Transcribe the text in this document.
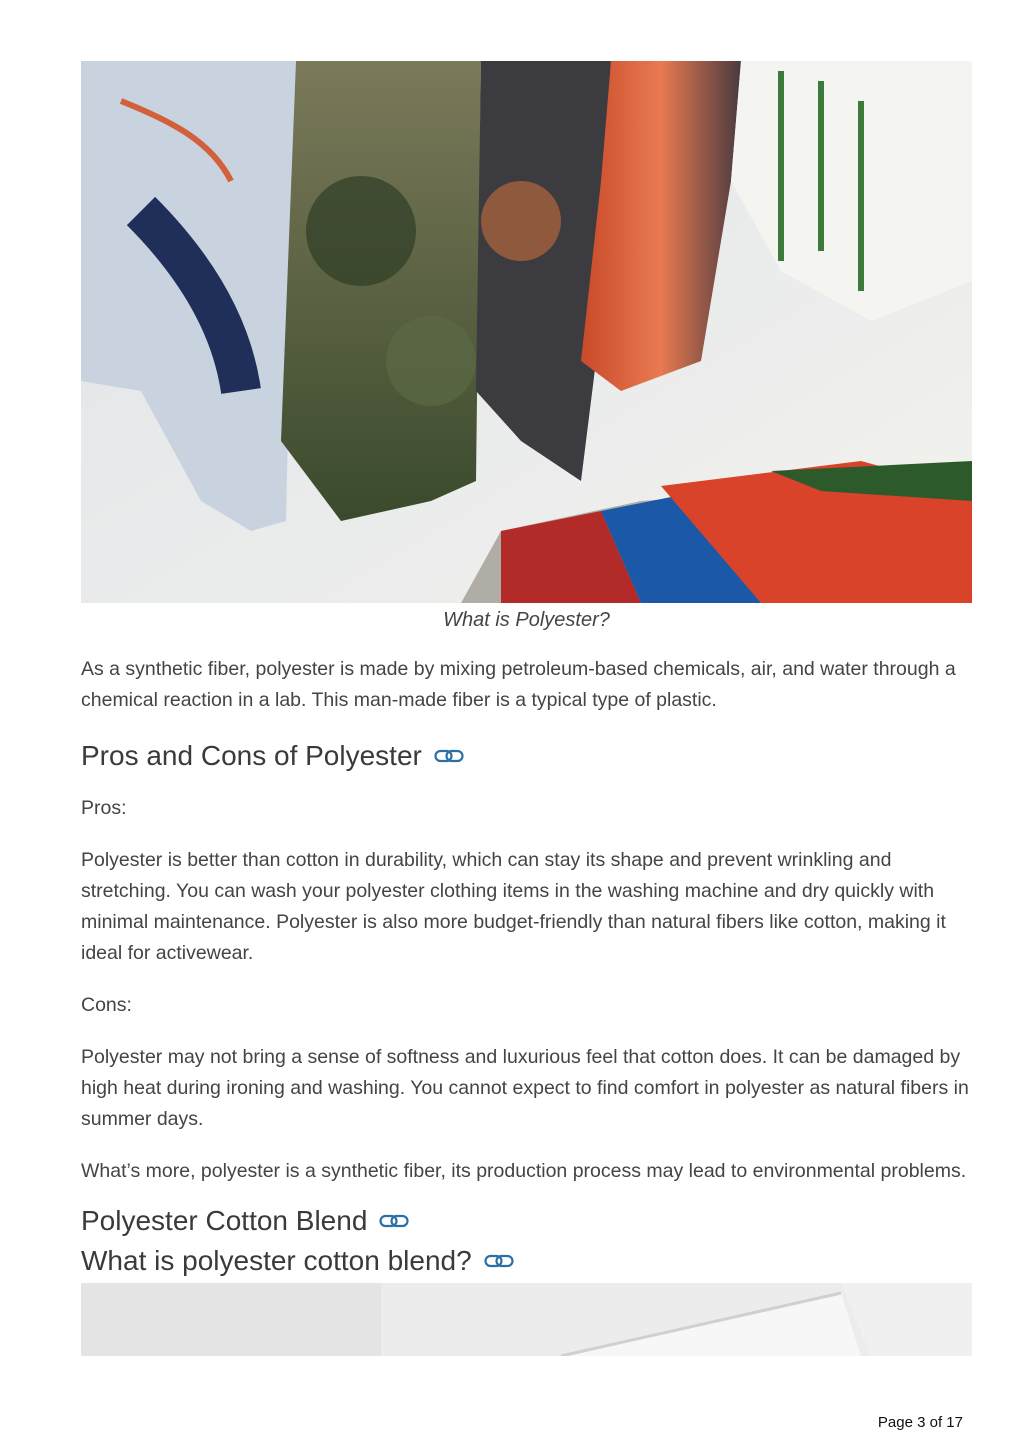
What is Polyester?

As a synthetic fiber, polyester is made by mixing petroleum-based chemicals, air, and water through a chemical reaction in a lab. This man-made fiber is a typical type of plastic.

Pros and Cons of Polyester

Pros:

Polyester is better than cotton in durability, which can stay its shape and prevent wrinkling and stretching. You can wash your polyester clothing items in the washing machine and dry quickly with minimal maintenance. Polyester is also more budget-friendly than natural fibers like cotton, making it ideal for activewear.

Cons:

Polyester may not bring a sense of softness and luxurious feel that cotton does. It can be damaged by high heat during ironing and washing. You cannot expect to find comfort in polyester as natural fibers in summer days.

What’s more, polyester is a synthetic fiber, its production process may lead to environmental problems.

Polyester Cotton Blend
What is polyester cotton blend?
Page 3 of 17
